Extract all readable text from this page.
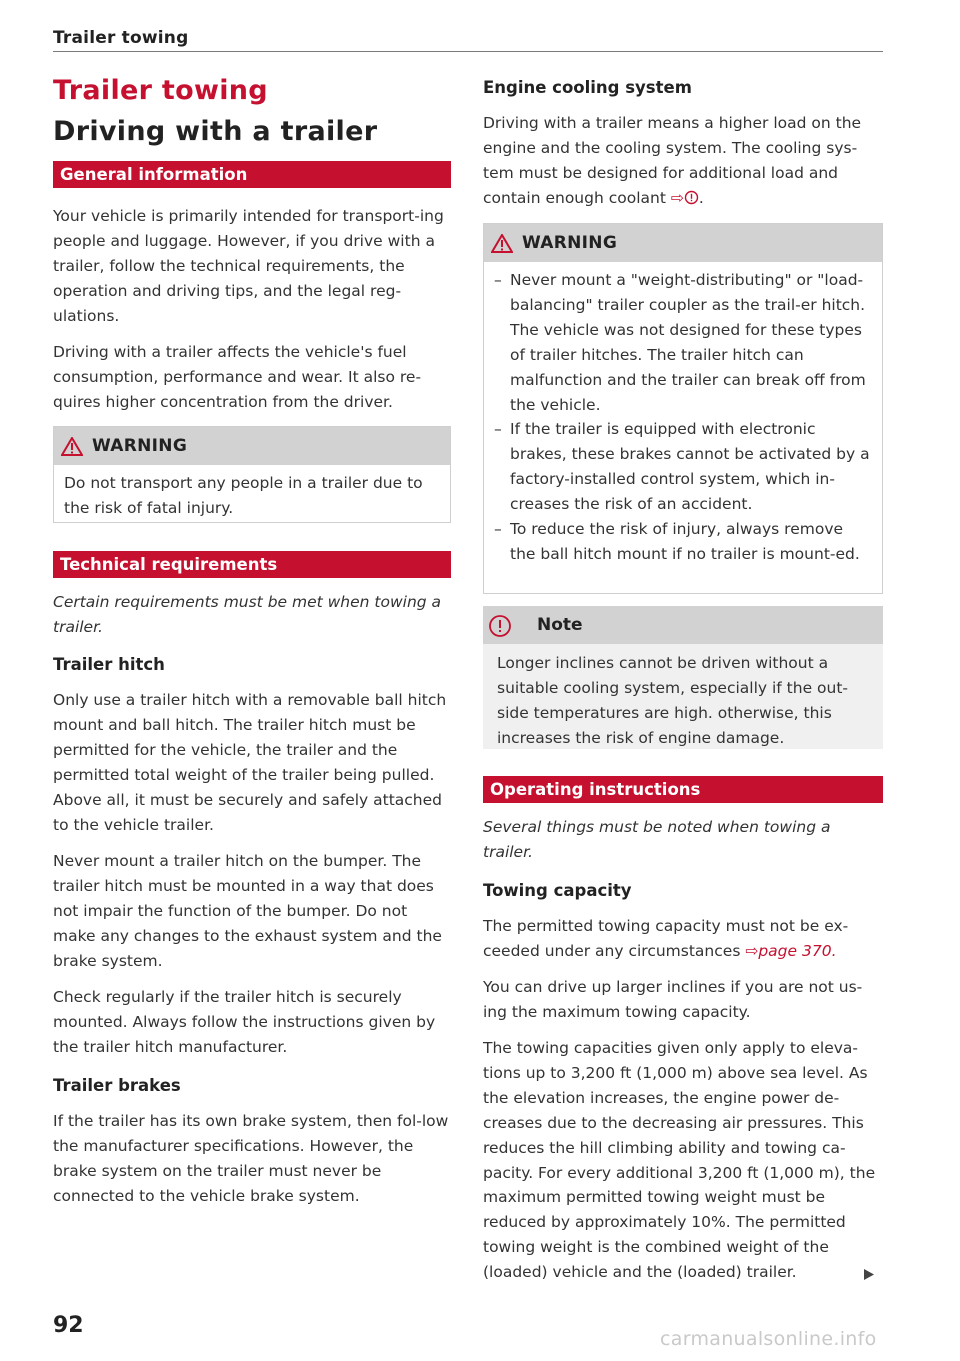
Trailer towing
Trailer towing
Driving with a trailer
General information

Your vehicle is primarily intended for transport-ing people and luggage. However, if you drive with a trailer, follow the technical requirements, the operation and driving tips, and the legal reg-ulations.

Driving with a trailer affects the vehicle's fuel consumption, performance and wear. It also re-quires higher concentration from the driver.

WARNING
Do not transport any people in a trailer due to the risk of fatal injury.
Technical requirements

Certain requirements must be met when towing a trailer.

Trailer hitch

Only use a trailer hitch with a removable ball hitch mount and ball hitch. The trailer hitch must be permitted for the vehicle, the trailer and the permitted total weight of the trailer being pulled. Above all, it must be securely and safely attached to the vehicle trailer.

Never mount a trailer hitch on the bumper. The trailer hitch must be mounted in a way that does not impair the function of the bumper. Do not make any changes to the exhaust system and the brake system.

Check regularly if the trailer hitch is securely mounted. Always follow the instructions given by the trailer hitch manufacturer.

Trailer brakes

If the trailer has its own brake system, then fol-low the manufacturer specifications. However, the brake system on the trailer must never be connected to the vehicle brake system.

Engine cooling system

Driving with a trailer means a higher load on the engine and the cooling system. The cooling sys-tem must be designed for additional load and contain enough coolant ⇨ .

WARNING
– Never mount a "weight-distributing" or "load-balancing" trailer coupler as the trail-er hitch. The vehicle was not designed for these types of trailer hitches. The trailer hitch can malfunction and the trailer can break off from the vehicle.
– If the trailer is equipped with electronic brakes, these brakes cannot be activated by a factory-installed control system, which in-creases the risk of an accident.
– To reduce the risk of injury, always remove the ball hitch mount if no trailer is mount-ed.
Note
Longer inclines cannot be driven without a suitable cooling system, especially if the out-side temperatures are high. otherwise, this increases the risk of engine damage.
Operating instructions

Several things must be noted when towing a trailer.

Towing capacity

The permitted towing capacity must not be ex-ceeded under any circumstances ⇨page 370.

You can drive up larger inclines if you are not us-ing the maximum towing capacity.

The towing capacities given only apply to eleva-tions up to 3,200 ft (1,000 m) above sea level. As the elevation increases, the engine power de-creases due to the decreasing air pressures. This reduces the hill climbing ability and towing ca-pacity. For every additional 3,200 ft (1,000 m), the maximum permitted towing weight must be reduced by approximately 10%. The permitted towing weight is the combined weight of the (loaded) vehicle and the (loaded) trailer.

92
carmanualsonline.info
